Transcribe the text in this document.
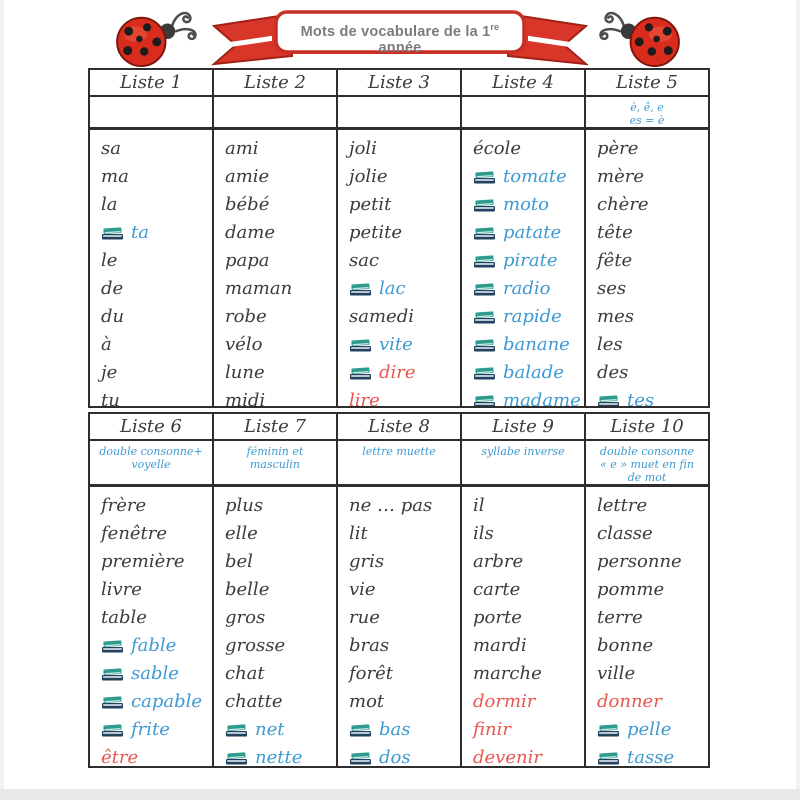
Mots de vocabulare de la 1re année
Liste 1
sa
ma
la
ta
le
de
du
à
je
tu
Liste 2
ami
amie
bébé
dame
papa
maman
robe
vélo
lune
midi
Liste 3
joli
jolie
petit
petite
sac
lac
samedi
vite
dire
lire
Liste 4
école
tomate
moto
patate
pirate
radio
rapide
banane
balade
madame
Liste 5
è, ê, e
es = è
père
mère
chère
tête
fête
ses
mes
les
des
tes
Liste 6
double consonne+
voyelle
frère
fenêtre
première
livre
table
fable
sable
capable
frite
être
Liste 7
féminin et
masculin
plus
elle
bel
belle
gros
grosse
chat
chatte
net
nette
Liste 8
lettre muette
ne … pas
lit
gris
vie
rue
bras
forêt
mot
bas
dos
Liste 9
syllabe inverse
il
ils
arbre
carte
porte
mardi
marche
dormir
finir
devenir
Liste 10
double consonne
« e » muet en fin
de mot
lettre
classe
personne
pomme
terre
bonne
ville
donner
pelle
tasse
